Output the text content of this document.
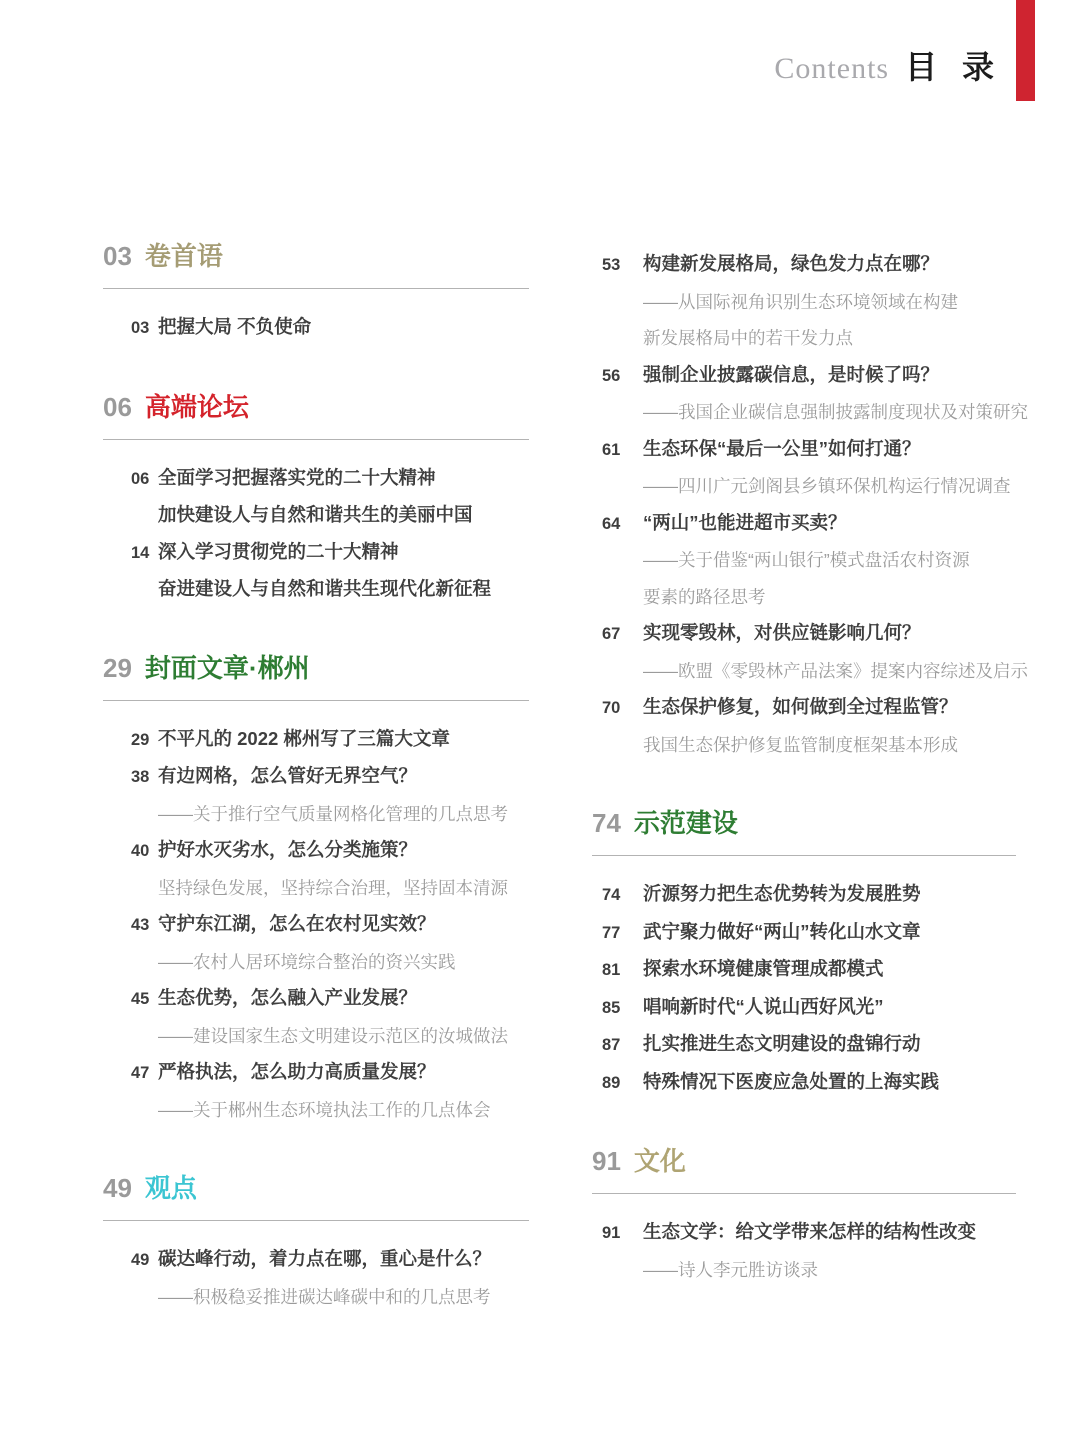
Contents 目 录
03 卷首语
03 把握大局 不负使命
06 高端论坛
06 全面学习把握落实党的二十大精神
加快建设人与自然和谐共生的美丽中国
14 深入学习贯彻党的二十大精神
奋进建设人与自然和谐共生现代化新征程
29 封面文章·郴州
29 不平凡的 2022 郴州写了三篇大文章
38 有边网格，怎么管好无界空气？
——关于推行空气质量网格化管理的几点思考
40 护好水灭劣水，怎么分类施策？
坚持绿色发展，坚持综合治理，坚持固本清源
43 守护东江湖，怎么在农村见实效？
——农村人居环境综合整治的资兴实践
45 生态优势，怎么融入产业发展？
——建设国家生态文明建设示范区的汝城做法
47 严格执法，怎么助力高质量发展？
——关于郴州生态环境执法工作的几点体会
49 观点
49 碳达峰行动，着力点在哪，重心是什么？
——积极稳妥推进碳达峰碳中和的几点思考
53 构建新发展格局，绿色发力点在哪？
——从国际视角识别生态环境领域在构建
新发展格局中的若干发力点
56 强制企业披露碳信息，是时候了吗？
——我国企业碳信息强制披露制度现状及对策研究
61 生态环保“最后一公里”如何打通？
——四川广元剑阁县乡镇环保机构运行情况调查
64 “两山”也能进超市买卖？
——关于借鉴“两山银行”模式盘活农村资源
要素的路径思考
67 实现零毁林，对供应链影响几何？
——欧盟《零毁林产品法案》提案内容综述及启示
70 生态保护修复，如何做到全过程监管？
我国生态保护修复监管制度框架基本形成
74 示范建设
74 沂源努力把生态优势转为发展胜势
77 武宁聚力做好“两山”转化山水文章
81 探索水环境健康管理成都模式
85 唱响新时代“人说山西好风光”
87 扎实推进生态文明建设的盘锦行动
89 特殊情况下医废应急处置的上海实践
91 文化
91 生态文学：给文学带来怎样的结构性改变
——诗人李元胜访谈录
